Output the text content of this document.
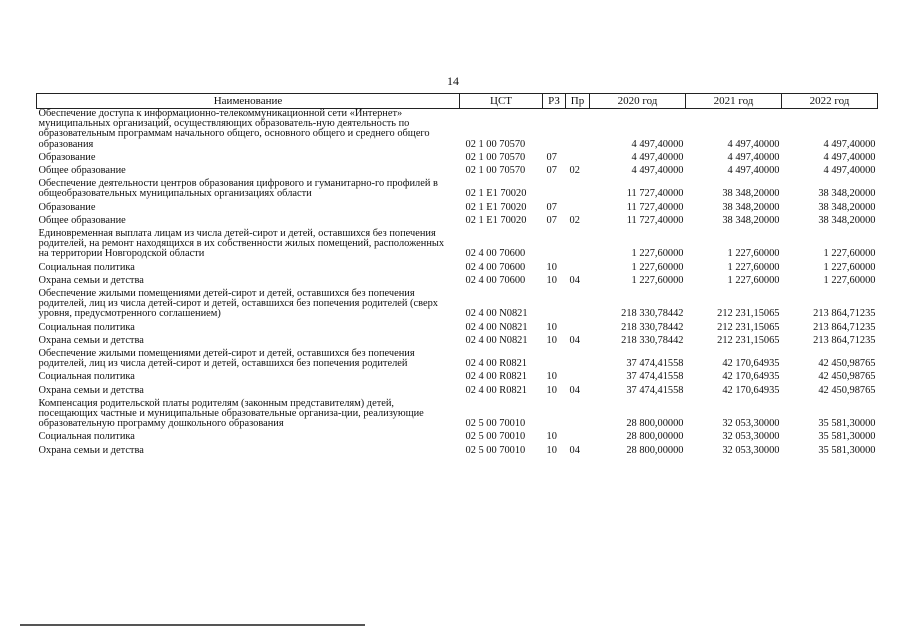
14
Наименование	ЦСТ	РЗ	Пр	2020 год	2021 год	2022 год
Обеспечение доступа к информационно-телекоммуникационной сети «Интернет» муниципальных организаций, осуществляющих образователь-ную деятельность по образовательным программам начального общего, основного общего и среднего общего образования	02 1 00 70570			4 497,40000	4 497,40000	4 497,40000
Образование	02 1 00 70570	07		4 497,40000	4 497,40000	4 497,40000
Общее образование	02 1 00 70570	07	02	4 497,40000	4 497,40000	4 497,40000
Обеспечение деятельности центров образования цифрового и гуманитарно-го профилей в общеобразовательных муниципальных организациях области	02 1 E1 70020			11 727,40000	38 348,20000	38 348,20000
Образование	02 1 E1 70020	07		11 727,40000	38 348,20000	38 348,20000
Общее образование	02 1 E1 70020	07	02	11 727,40000	38 348,20000	38 348,20000
Единовременная выплата лицам из числа детей-сирот и детей, оставшихся без попечения родителей, на ремонт находящихся в их собственности жилых помещений, расположенных на территории Новгородской области	02 4 00 70600			1 227,60000	1 227,60000	1 227,60000
Социальная политика	02 4 00 70600	10		1 227,60000	1 227,60000	1 227,60000
Охрана семьи и детства	02 4 00 70600	10	04	1 227,60000	1 227,60000	1 227,60000
Обеспечение жилыми помещениями детей-сирот и детей, оставшихся без попечения родителей, лиц из числа детей-сирот и детей, оставшихся без попечения родителей (сверх уровня, предусмотренного соглашением)	02 4 00 N0821			218 330,78442	212 231,15065	213 864,71235
Социальная политика	02 4 00 N0821	10		218 330,78442	212 231,15065	213 864,71235
Охрана семьи и детства	02 4 00 N0821	10	04	218 330,78442	212 231,15065	213 864,71235
Обеспечение жилыми помещениями детей-сирот и детей, оставшихся без попечения родителей, лиц из числа детей-сирот и детей, оставшихся без попечения родителей	02 4 00 R0821			37 474,41558	42 170,64935	42 450,98765
Социальная политика	02 4 00 R0821	10		37 474,41558	42 170,64935	42 450,98765
Охрана семьи и детства	02 4 00 R0821	10	04	37 474,41558	42 170,64935	42 450,98765
Компенсация родительской платы родителям (законным представителям) детей, посещающих частные и муниципальные образовательные организа-ции, реализующие образовательную программу дошкольного образования	02 5 00 70010			28 800,00000	32 053,30000	35 581,30000
Социальная политика	02 5 00 70010	10		28 800,00000	32 053,30000	35 581,30000
Охрана семьи и детства	02 5 00 70010	10	04	28 800,00000	32 053,30000	35 581,30000
